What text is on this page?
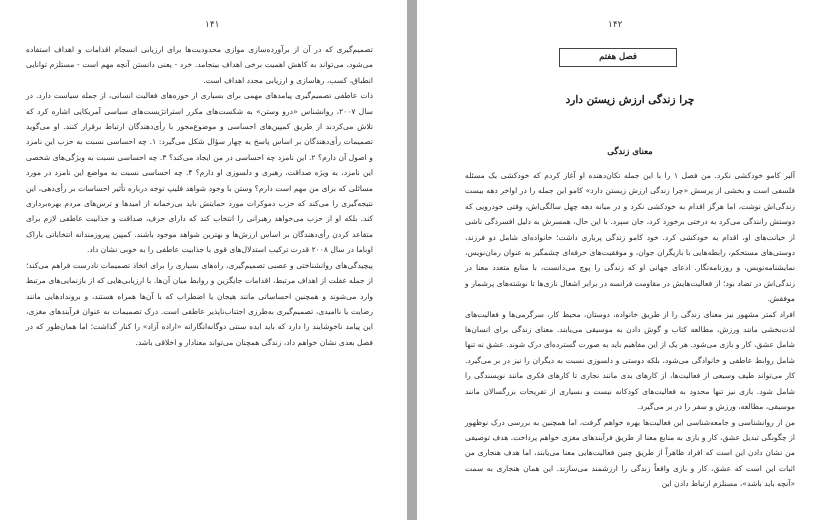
۱۴۱

تصمیم‌گیری که در آن از برآورده‌سازی موازی محدودیت‌ها برای ارزیابی انسجام اقدامات و اهداف استفاده می‌شود، می‌تواند به کاهش اهمیت برخی اهداف بینجامد. خرد - یعنی دانستن آنچه مهم است - مستلزم توانایی انطباق، کسب، رهاسازی و ارزیابی مجدد اهداف است.

ذات عاطفی تصمیم‌گیری پیامدهای مهمی برای بسیاری از حوزه‌های فعالیت انسانی، از جمله سیاست دارد. در سال ۲۰۰۷، روانشناس «درو وستن» به شکست‌های مکرر استراتژیست‌های سیاسی آمریکایی اشاره کرد که تلاش می‌کردند از طریق کمپین‌های احساسی و موضوع‌محور با رأی‌دهندگان ارتباط برقرار کنند. او می‌گوید تصمیمات رأی‌دهندگان بر اساس پاسخ به چهار سؤال شکل می‌گیرد: ۱. چه احساسی نسبت به حزب این نامزد و اصول آن دارم؟ ۲. این نامزد چه احساسی در من ایجاد می‌کند؟ ۳. چه احساسی نسبت به ویژگی‌های شخصی این نامزد، به ویژه صداقت، رهبری و دلسوزی او دارم؟ ۴. چه احساسی نسبت به مواضع این نامزد در مورد مسائلی که برای من مهم است دارم؟ وستن با وجود شواهد فلیپ توجه درباره تأثیر احساسات بر رأی‌دهی، این نتیجه‌گیری را می‌کند که حزب دموکرات مورد حمایتش باید بی‌رحمانه از امیدها و ترس‌های مردم بهره‌برداری کند. بلکه او از حزب می‌خواهد رهبرانی را انتخاب کند که دارای حرف، صداقت و جذابیت عاطفی لازم برای متقاعد کردن رأی‌دهندگان بر اساس ارزش‌ها و بهترین شواهد موجود باشند. کمپین پیروزمندانه انتخاباتی باراک اوباما در سال ۲۰۰۸ قدرت ترکیب استدلال‌های قوی با جذابیت عاطفی را به خوبی نشان داد.

پیچیدگی‌های روانشناختی و عصبی تصمیم‌گیری، راه‌های بسیاری را برای اتخاذ تصمیمات نادرست فراهم می‌کند؛ از جمله غفلت از اهداف مرتبط، اقدامات جایگزین و روابط میان آن‌ها. با ارزیابی‌هایی که از بازنمایی‌های مرتبط وارد می‌شوند و همچنین احساساتی مانند هیجان یا اضطراب که با آن‌ها همراه هستند، و برونداد‌هایی مانند رضایت یا ناامیدی، تصمیم‌گیری به‌طرزی اجتناب‌ناپذیر عاطفی است. درک تصمیمات به عنوان فرآیندهای مغزی، این پیامد ناخوشایند را دارد که باید ایده سنتی دوگانه‌انگارانه «اراده آزاد» را کنار گذاشت؛ اما همان‌طور که در فصل بعدی نشان خواهم داد، زندگی همچنان می‌تواند معنادار و اخلاقی باشد.

۱۴۲
فصل هفتم
چرا زندگی ارزش زیستن دارد
معنای زندگی

آلبر کامو خودکشی نکرد. من فصل ۱ را با این جمله تکان‌دهنده او آغاز کردم که خودکشی یک مسئله فلسفی است و بخشی از پرسش «چرا زندگی ارزش زیستن دارد» کامو این جمله را در اواخر دهه بیست زندگی‌اش نوشت، اما هرگز اقدام به خودکشی نکرد و در میانه دهه چهل سالگی‌اش، وقتی خودرویی که دوستش رانندگی می‌کرد به درختی برخورد کرد، جان سپرد. با این حال، همسرش به دلیل افسردگی ناشی از خیانت‌های او، اقدام به خودکشی کرد. خود کامو زندگی پرباری داشت؛ خانواده‌ای شامل دو فرزند، دوستی‌های مستحکم، رابطه‌هایی با بازیگران جوان، و موفقیت‌های حرفه‌ای چشمگیر به عنوان رمان‌نویس، نمایشنامه‌نویس، و روزنامه‌نگار. ادعای جهانی او که زندگی را پوچ می‌دانست، با منابع متعدد معنا در زندگی‌اش در تضاد بود؛ از فعالیت‌هایش در مقاومت فرانسه در برابر اشغال نازی‌ها تا نوشته‌های پرشمار و موفقش.

افراد کمتر مشهور نیز معنای زندگی را از طریق خانواده، دوستان، محیط کار، سرگرمی‌ها و فعالیت‌های لذت‌بخشی مانند ورزش، مطالعه کتاب و گوش دادن به موسیقی می‌یابند. معنای زندگی برای انسان‌ها شامل عشق، کار و بازی می‌شود. هر یک از این مفاهیم باید به صورت گسترده‌ای درک شوند. عشق نه تنها شامل روابط عاطفی و خانوادگی می‌شود، بلکه دوستی و دلسوزی نسبت به دیگران را نیز در بر می‌گیرد. کار می‌تواند طیف وسیعی از فعالیت‌ها، از کارهای یدی مانند نجاری تا کارهای فکری مانند نویسندگی را شامل شود. بازی نیز تنها محدود به فعالیت‌های کودکانه نیست و بسیاری از تفریحات بزرگسالان مانند موسیقی، مطالعه، ورزش و سفر را در بر می‌گیرد.

من از روانشناسی و جامعه‌شناسی این فعالیت‌ها بهره خواهم گرفت، اما همچنین به بررسی درک نوظهور از چگونگی تبدیل عشق، کار و بازی به منابع معنا از طریق فرآیندهای مغزی خواهم پرداخت. هدف توصیفی من نشان دادن این است که افراد ظاهراً از طریق چنین فعالیت‌هایی معنا می‌یابند، اما هدف هنجاری من اثبات این است که عشق، کار و بازی واقعاً زندگی را ارزشمند می‌سازند. این همان هنجاری به سمت «آنچه باید باشد»، مستلزم ارتباط دادن این
